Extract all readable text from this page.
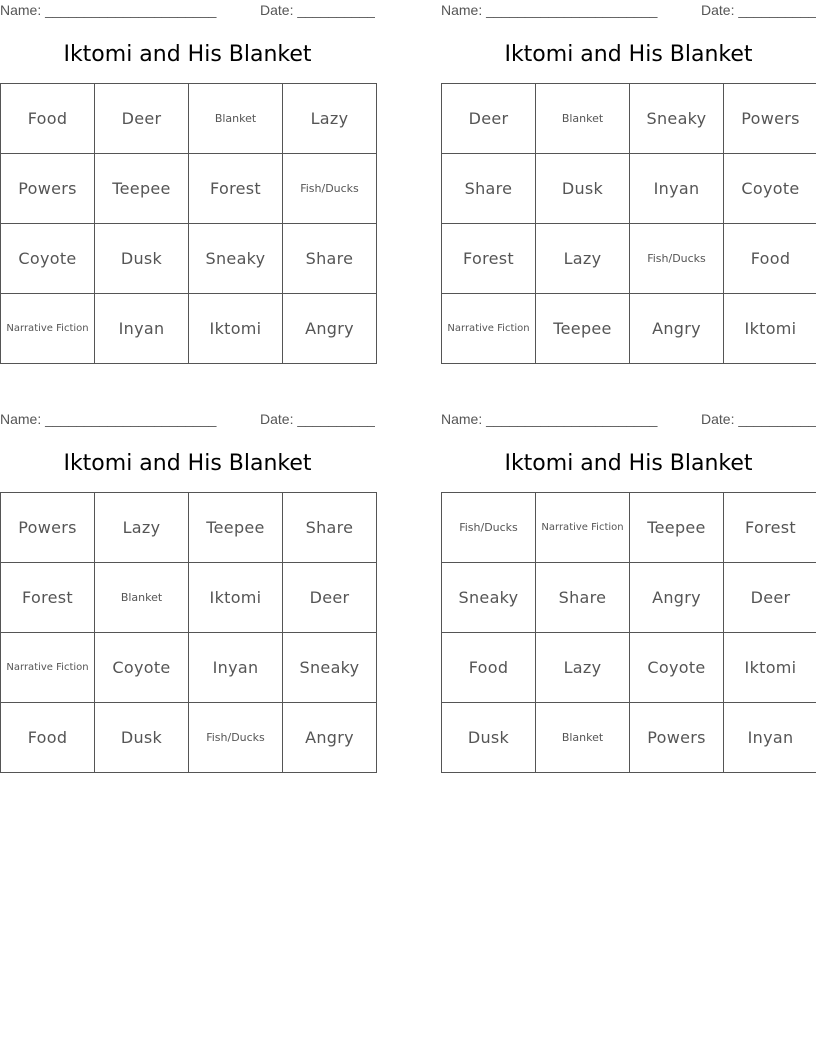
Name: ______________________	Date: __________
Iktomi and His Blanket
Food	Deer	Blanket	Lazy
Powers	Teepee	Forest	Fish/Ducks
Coyote	Dusk	Sneaky	Share
Narrative Fiction	Inyan	Iktomi	Angry
Name: ______________________	Date: __________
Iktomi and His Blanket
Deer	Blanket	Sneaky	Powers
Share	Dusk	Inyan	Coyote
Forest	Lazy	Fish/Ducks	Food
Narrative Fiction	Teepee	Angry	Iktomi
Name: ______________________	Date: __________
Iktomi and His Blanket
Powers	Lazy	Teepee	Share
Forest	Blanket	Iktomi	Deer
Narrative Fiction	Coyote	Inyan	Sneaky
Food	Dusk	Fish/Ducks	Angry
Name: ______________________	Date: __________
Iktomi and His Blanket
Fish/Ducks	Narrative Fiction	Teepee	Forest
Sneaky	Share	Angry	Deer
Food	Lazy	Coyote	Iktomi
Dusk	Blanket	Powers	Inyan
